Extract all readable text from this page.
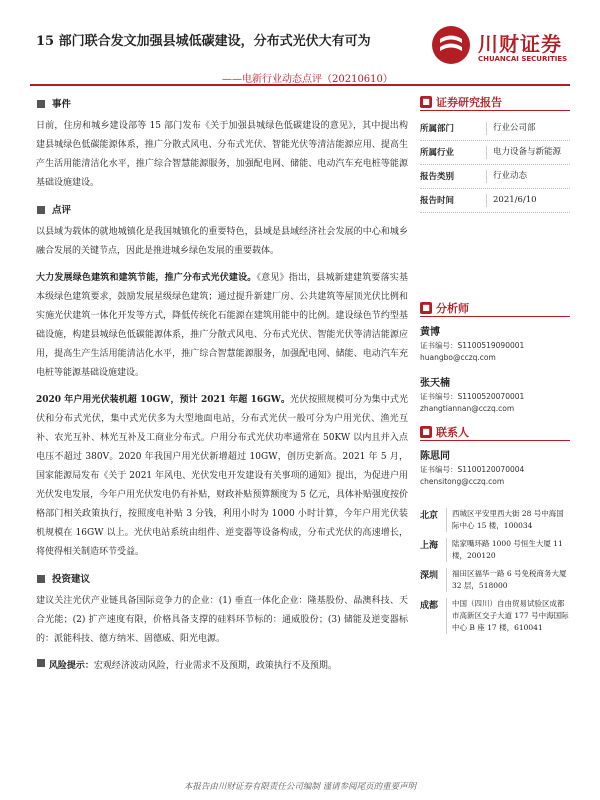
15 部门联合发文加强县城低碳建设，分布式光伏大有可为	川财证券
CHUANCAI SECURITIES
——电新行业动态点评（20210610）
事件
日前，住房和城乡建设部等 15 部门发布《关于加强县城绿色低碳建设的意见》，其中提出构建县城绿色低碳能源体系，推广分散式风电、分布式光伏、智能光伏等清洁能源应用、提高生产生活用能清洁化水平，推广综合智慧能源服务，加强配电网、储能、电动汽车充电桩等能源基础设施建设。
点评
以县域为载体的就地城镇化是我国城镇化的重要特色，县域是县域经济社会发展的中心和城乡融合发展的关键节点，因此是推进城乡绿色发展的重要载体。
大力发展绿色建筑和建筑节能，推广分布式光伏建设。《意见》指出，县城新建建筑要落实基本级绿色建筑要求，鼓励发展星级绿色建筑；通过提升新建厂房、公共建筑等屋顶光伏比例和实施光伏建筑一体化开发等方式，降低传统化石能源在建筑用能中的比例。建设绿色节约型基础设施，构建县城绿色低碳能源体系，推广分散式风电、分布式光伏、智能光伏等清洁能源应用，提高生产生活用能清洁化水平，推广综合智慧能源服务，加强配电网、储能、电动汽车充电桩等能源基础设施建设。
2020 年户用光伏装机超 10GW，预计 2021 年超 16GW。光伏按照规模可分为集中式光伏和分布式光伏，集中式光伏多为大型地面电站，分布式光伏一般可分为户用光伏、渔光互补、农光互补、林光互补及工商业分布式。户用分布式光伏功率通常在 50KW 以内且并入点电压不超过 380V。2020 年我国户用光伏新增超过 10GW，创历史新高。2021 年 5 月，国家能源局发布《关于 2021 年风电、光伏发电开发建设有关事项的通知》提出，为促进户用光伏发电发展，今年户用光伏发电仍有补贴，财政补贴预算额度为 5 亿元，具体补贴强度按价格部门相关政策执行，按照度电补贴 3 分钱，利用小时为 1000 小时计算，今年户用光伏装机规模在 16GW 以上。光伏电站系统由组件、逆变器等设备构成，分布式光伏的高速增长，将使得相关制造环节受益。
投资建议
建议关注光伏产业链具备国际竞争力的企业：(1) 垂直一体化企业：隆基股份、晶澳科技、天合光能；(2) 扩产速度有限，价格具备支撑的硅料环节标的：通威股份；(3) 储能及逆变器标的：派能科技、德方纳米、固德威、阳光电源。
风险提示：宏观经济波动风险，行业需求不及预期，政策执行不及预期。
■ 证券研究报告
所属部门	行业公司部
所属行业	电力设备与新能源
报告类别	行业动态
报告时间	2021/6/10
■ 分析师
黄博
证书编号：S1100519090001
huangbo@cczq.com
张天楠
证书编号：S1100520070001
zhangtiannan@cczq.com
■ 联系人
陈思同
证书编号：S1100120070004
chensitong@cczq.com
北京	西城区平安里西大街 28 号中海国际中心 15 楼，100034
上海	陆家嘴环路 1000 号恒生大厦 11 楼，200120
深圳	福田区福华一路 6 号免税商务大厦 32 层，518000
成都	中国（四川）自由贸易试验区成都市高新区交子大道 177 号中海国际中心 B 座 17 楼，610041
本报告由川财证券有限责任公司编制 谨请参阅尾页的重要声明
